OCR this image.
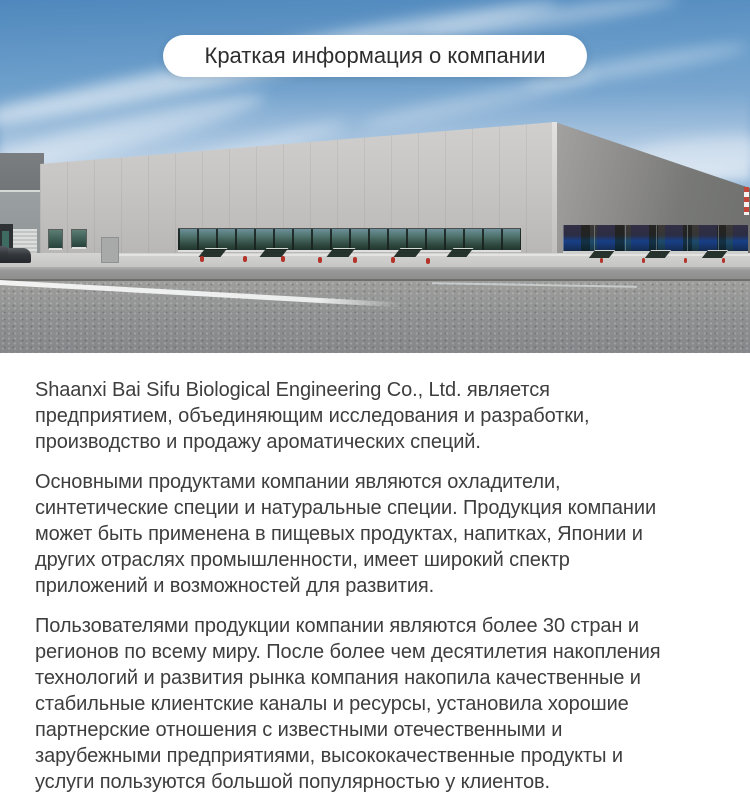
Краткая информация о компании
Shaanxi Bai Sifu Biological Engineering Co., Ltd. является
предприятием, объединяющим исследования и разработки,
производство и продажу ароматических специй.
Основными продуктами компании являются охладители,
синтетические специи и натуральные специи. Продукция компании
может быть применена в пищевых продуктах, напитках, Японии и
других отраслях промышленности, имеет широкий спектр
приложений и возможностей для развития.
Пользователями продукции компании являются более 30 стран и
регионов по всему миру. После более чем десятилетия накопления
технологий и развития рынка компания накопила качественные и
стабильные клиентские каналы и ресурсы, установила хорошие
партнерские отношения с известными отечественными и
зарубежными предприятиями, высококачественные продукты и
услуги пользуются большой популярностью у клиентов.
